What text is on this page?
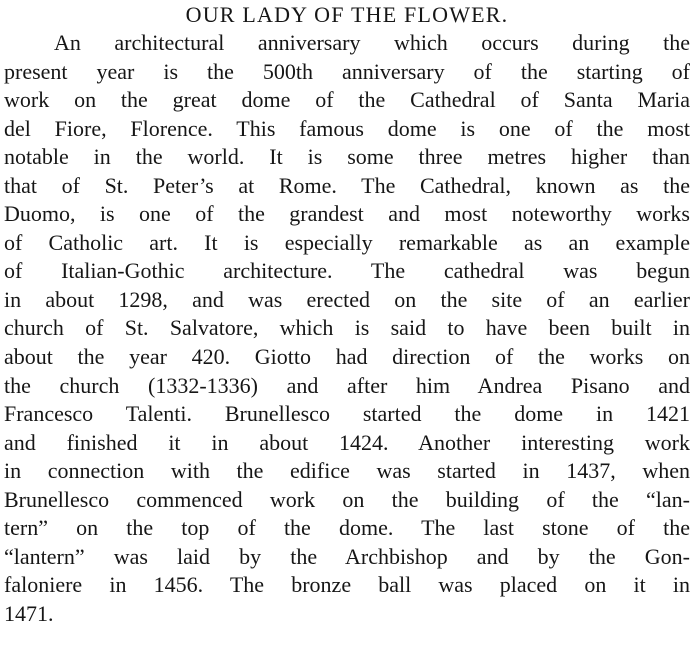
OUR LADY OF THE FLOWER.
An architectural anniversary which occurs during the
present year is the 500th anniversary of the starting of
work on the great dome of the Cathedral of Santa Maria
del Fiore, Florence. This famous dome is one of the most
notable in the world. It is some three metres higher than
that of St. Peter’s at Rome. The Cathedral, known as the
Duomo, is one of the grandest and most noteworthy works
of Catholic art. It is especially remarkable as an example
of Italian-Gothic architecture. The cathedral was begun
in about 1298, and was erected on the site of an earlier
church of St. Salvatore, which is said to have been built in
about the year 420. Giotto had direction of the works on
the church (1332-1336) and after him Andrea Pisano and
Francesco Talenti. Brunellesco started the dome in 1421
and finished it in about 1424. Another interesting work
in connection with the edifice was started in 1437, when
Brunellesco commenced work on the building of the “lan-
tern” on the top of the dome. The last stone of the
“lantern” was laid by the Archbishop and by the Gon-
faloniere in 1456. The bronze ball was placed on it in
1471.
